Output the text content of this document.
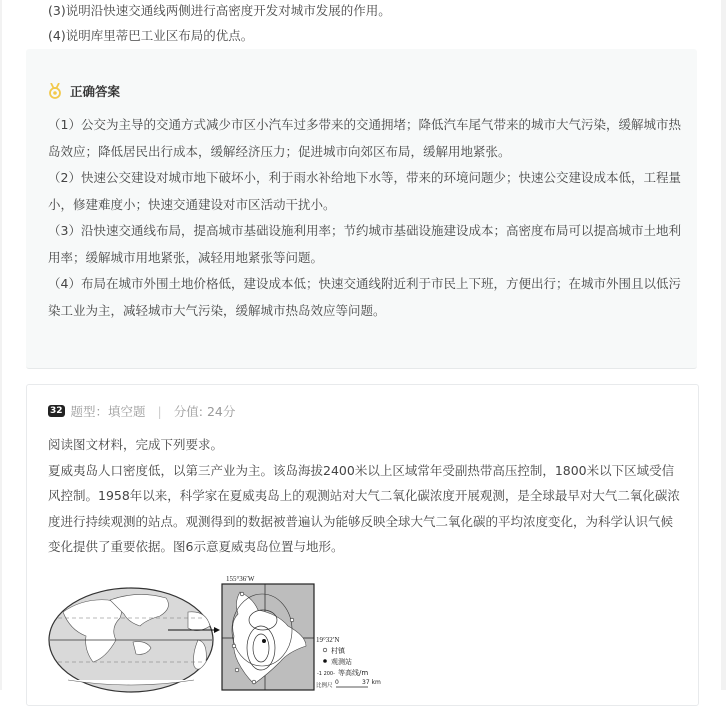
(3)说明沿快速交通线两侧进行高密度开发对城市发展的作用。

(4)说明库里蒂巴工业区布局的优点。

正确答案

（1）公交为主导的交通方式减少市区小汽车过多带来的交通拥堵；降低汽车尾气带来的城市大气污染，缓解城市热岛效应；降低居民出行成本，缓解经济压力；促进城市向郊区布局，缓解用地紧张。

（2）快速公交建设对城市地下破坏小，利于雨水补给地下水等，带来的环境问题少；快速公交建设成本低，工程量小，修建难度小；快速交通建设对市区活动干扰小。

（3）沿快速交通线布局，提高城市基础设施利用率；节约城市基础设施建设成本；高密度布局可以提高城市土地利用率；缓解城市用地紧张，减轻用地紧张等问题。

（4）布局在城市外围土地价格低，建设成本低；快速交通线附近利于市民上下班，方便出行；在城市外围且以低污染工业为主，减轻城市大气污染，缓解城市热岛效应等问题。

32 题型：填空题 | 分值: 24分

阅读图文材料，完成下列要求。

夏威夷岛人口密度低，以第三产业为主。该岛海拔2400米以上区域常年受副热带高压控制，1800米以下区域受信风控制。1958年以来，科学家在夏威夷岛上的观测站对大气二氧化碳浓度开展观测，是全球最早对大气二氧化碳浓度进行持续观测的站点。观测得到的数据被普遍认为能够反映全球大气二氧化碳的平均浓度变化，为科学认识气候变化提供了重要依据。图6示意夏威夷岛位置与地形。

155°36′W
19°32′N
村镇
观测站
-1 200- 等高线/m
比例尺 0	37 km
